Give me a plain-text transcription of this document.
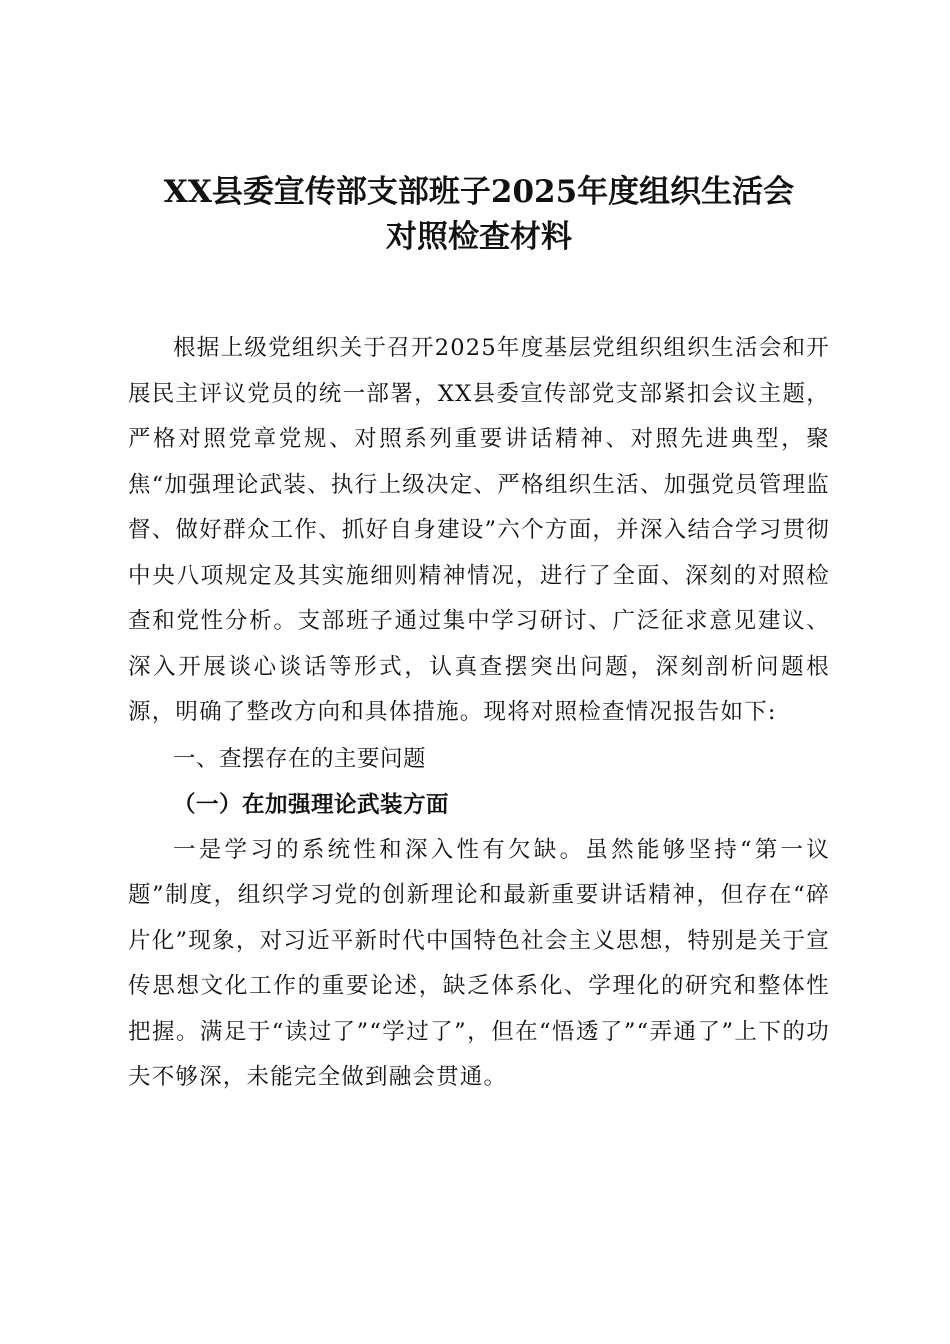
XX县委宣传部支部班子2025年度组织生活会
对照检查材料

根据上级党组织关于召开2025年度基层党组织组织生活会和开展民主评议党员的统一部署，XX县委宣传部党支部紧扣会议主题，严格对照党章党规、对照系列重要讲话精神、对照先进典型，聚焦“加强理论武装、执行上级决定、严格组织生活、加强党员管理监督、做好群众工作、抓好自身建设”六个方面，并深入结合学习贯彻中央八项规定及其实施细则精神情况，进行了全面、深刻的对照检查和党性分析。支部班子通过集中学习研讨、广泛征求意见建议、深入开展谈心谈话等形式，认真查摆突出问题，深刻剖析问题根源，明确了整改方向和具体措施。现将对照检查情况报告如下:

一、查摆存在的主要问题

（一）在加强理论武装方面

一是学习的系统性和深入性有欠缺。虽然能够坚持“第一议题”制度，组织学习党的创新理论和最新重要讲话精神，但存在“碎片化”现象，对习近平新时代中国特色社会主义思想，特别是关于宣传思想文化工作的重要论述，缺乏体系化、学理化的研究和整体性把握。满足于“读过了”“学过了”，但在“悟透了”“弄通了”上下的功夫不够深，未能完全做到融会贯通。
